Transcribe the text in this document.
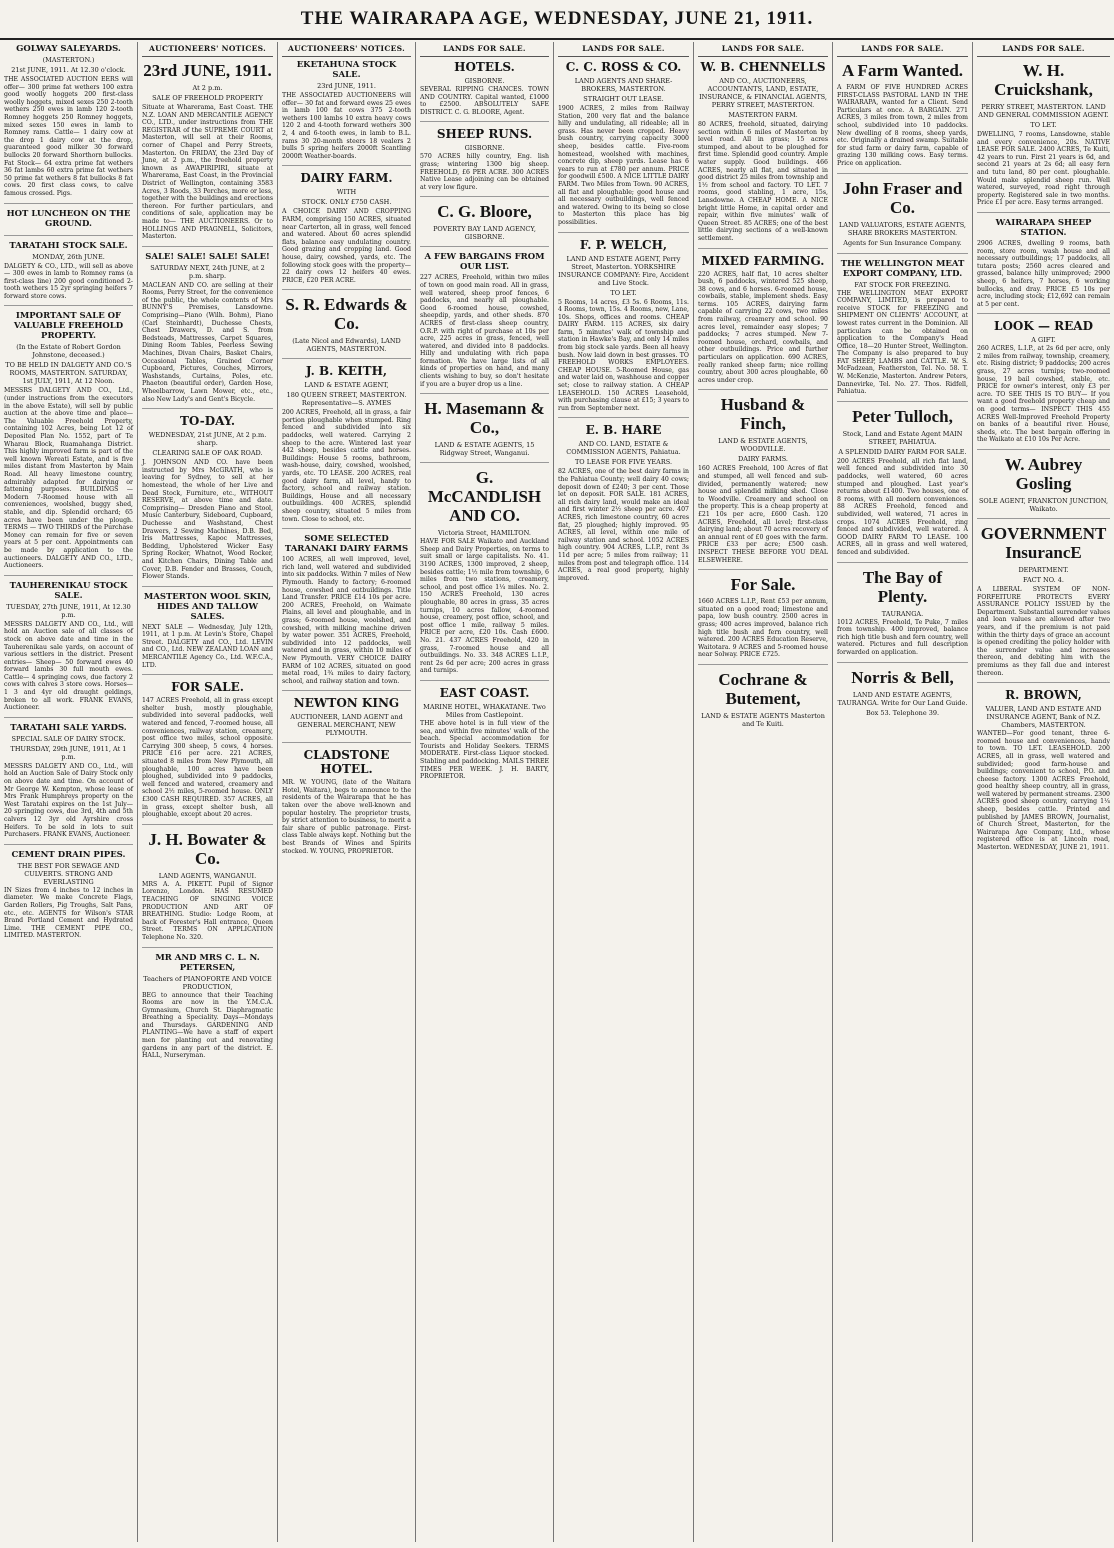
THE WAIRARAPA AGE, WEDNESDAY, JUNE 21, 1911.
GOLWAY SALEYARDS.
(MASTERTON.)
21st JUNE, 1911. At 12.30 o'clock.
THE ASSOCIATED AUCTION EERS will offer— 300 prime fat wethers 100 extra good woolly hoggets 200 first-class woolly hoggets, mixed sexes 250 2-tooth wethers 250 ewes in lamb 120 2-tooth Romney hoggets 250 Romney hoggets, mixed sexes 150 ewes in lamb to Romney rams. Cattle— 1 dairy cow at the drop 1 dairy cow at the drop, guaranteed good milker 30 forward bullocks 20 forward Shorthorn bullocks. Fat Stock— 64 extra prime fat wethers 36 fat lambs 60 extra prime fat wethers 50 prime fat wethers 8 fat bullocks 8 fat cows. 20 first class cows, to calve famous crossed. Pigs.
HOT LUNCHEON ON THE GROUND.
TARATAHI STOCK SALE.
MONDAY, 26th JUNE.
DALGETY & CO., LTD., will sell as above— 300 ewes in lamb to Romney rams (a first-class line) 200 good conditioned 2-tooth wethers 15 2yr springing heifers 7 forward store cows.
IMPORTANT SALE OF VALUABLE FREEHOLD PROPERTY.
(In the Estate of Robert Gordon Johnstone, deceased.)
TO BE HELD IN DALGETY AND CO.'S ROOMS, MASTERTON. SATURDAY, 1st JULY, 1911, At 12 Noon.
MESSRS DALGETY AND CO., Ltd., (under instructions from the executors in the above Estate), will sell by public auction at the above time and place— The Valuable Freehold Property, containing 102 Acres, being Lot 12 of Deposited Plan No. 1552, part of Te Wharau Block, Ruamahanga District. This highly improved farm is part of the well known Wereati Estate, and is five miles distant from Masterton by Main Road. All heavy limestone country, admirably adapted for dairying or fattening purposes. BUILDINGS — Modern 7-Roomed house with all conveniences, woolshed, buggy shed, stable, and dip. Splendid orchard; 65 acres have been under the plough. TERMS — TWO THIRDS of the Purchase Money can remain for five or seven years at 5 per cent. Appointments can be made by application to the auctioneers. DALGETY AND CO., LTD., Auctioneers.
TAUHERENIKAU STOCK SALE.
TUESDAY, 27th JUNE, 1911, At 12.30 p.m.
MESSRS DALGETY AND CO., Ltd., will hold an Auction sale of all classes of stock on above date and time in the Tauherenikau sale yards, on account of various settlers in the district. Present entries— Sheep— 50 forward ewes 40 forward lambs 30 full mouth ewes. Cattle— 4 springing cows, due factory 2 cows with calves 3 store cows. Horses— 1 3 and 4yr old draught geldings, broken to all work. FRANK EVANS, Auctioneer.
TARATAHI SALE YARDS.
SPECIAL SALE OF DAIRY STOCK.
THURSDAY, 29th JUNE, 1911, At 1 p.m.
MESSRS DALGETY AND CO., Ltd., will hold an Auction Sale of Dairy Stock only on above date and time. On account of Mr George W. Kempton, whose lease of Mrs Frank Humphreys property on the West Taratahi expires on the 1st July— 20 springing cows, due 3rd, 4th and 5th calvers 12 3yr old Ayrshire cross Heifers. To be sold in lots to suit Purchasers. FRANK EVANS, Auctioneer.
CEMENT DRAIN PIPES.
THE BEST FOR SEWAGE AND CULVERTS. STRONG AND EVERLASTING
IN Sizes from 4 inches to 12 inches in diameter. We make Concrete Flags, Garden Rollers, Pig Troughs, Salt Pans, etc., etc. AGENTS for Wilson's STAR Brand Portland Cement and Hydrated Lime. THE CEMENT PIPE CO., LIMITED. MASTERTON.
AUCTIONEERS' NOTICES.
23rd JUNE, 1911.
At 2 p.m.
SALE OF FREEHOLD PROPERTY
Situate at Wharerama, East Coast. THE N.Z. LOAN AND MERCANTILE AGENCY CO., LTD., under instructions from THE REGISTRAR of the SUPREME COURT at Masterton, will sell at their Rooms, corner of Chapel and Perry Streets, Masterton. On FRIDAY, the 23rd Day of June, at 2 p.m., the freehold property known as AWAPIRIPIRI, situate at Wharerama, East Coast, in the Provincial District of Wellington, containing 3583 Acres, 3 Roods, 33 Perches, more or less, together with the buildings and erections thereon. For further particulars, and conditions of sale, application may be made to— THE AUCTIONEERS. Or to HOLLINGS AND PRAGNELL, Solicitors, Masterton.
SALE! SALE! SALE! SALE!
SATURDAY NEXT, 24th JUNE, at 2 p.m. sharp.
MACLEAN AND CO. are selling at their Rooms, Perry Street, for the convenience of the public, the whole contents of Mrs BUNNY'S Premises, Lansdowne. Comprising—Piano (Wilh. Bohm), Piano (Carl Steinhardt), Duchesse Chests, Chest Drawers, D. and S. from Bedsteads, Mattresses, Carpet Squares, Dining Room Tables, Peerless Sewing Machines, Divan Chairs, Basket Chairs, Occasional Tables, Grained Corner Cupboard, Pictures, Couches, Mirrors, Washstands, Curtains, Poles, etc. Phaeton (beautiful order), Garden Hose, Wheelbarrow, Lawn Mower, etc., etc., also New Lady's and Gent's Bicycle.
TO-DAY.
WEDNESDAY, 21st JUNE, At 2 p.m. sharp.
CLEARING SALE OF OAK ROAD.
J. JOHNSON AND CO. have been instructed by Mrs McGRATH, who is leaving for Sydney, to sell at her homestead, the whole of her Live and Dead Stock, Furniture, etc., WITHOUT RESERVE, at above time and date. Comprising— Dresden Piano and Stool, Music Canterbury, Sideboard, Cupboard, Duchesse and Washstand, Chest Drawers, 2 Sewing Machines, D.B. Bed, Iris Mattresses, Kapoc Mattresses, Bedding, Upholstered Wicker Easy Spring Rocker, Whatnot, Wood Rocker, and Kitchen Chairs, Dining Table and Cover, D.B. Fender and Brasses, Couch, Flower Stands.
MASTERTON WOOL SKIN, HIDES AND TALLOW SALES.
NEXT SALE — Wednesday, July 12th, 1911, at 1 p.m. At Levin's Store, Chapel Street. DALGETY and CO., Ltd. LEVIN and CO., Ltd. NEW ZEALAND LOAN and MERCANTILE Agency Co., Ltd. W.F.C.A., LTD.
FOR SALE.
147 ACRES Freehold, all in grass except shelter bush, mostly ploughable, subdivided into several paddocks, well watered and fenced, 7-roomed house, all conveniences, railway station, creamery, post office two miles, school opposite. Carrying 300 sheep, 5 cows, 4 horses. PRICE £16 per acre. 221 ACRES, situated 8 miles from New Plymouth, all ploughable, 100 acres have been ploughed, subdivided into 9 paddocks, well fenced and watered, creamery and school 2½ miles, 5-roomed house. ONLY £300 CASH REQUIRED. 357 ACRES, all in grass, except shelter bush, all ploughable, except about 20 acres.
J. H. Bowater & Co.
LAND AGENTS, WANGANUI.
MRS A. A. PIKETT. Pupil of Signor Lorenzo, London. HAS RESUMED TEACHING OF SINGING VOICE PRODUCTION AND ART OF BREATHING. Studio: Lodge Room, at back of Forester's Hall entrance, Queen Street. TERMS ON APPLICATION Telephone No. 320.
MR AND MRS C. L. N. PETERSEN,
Teachers of PIANOFORTE AND VOICE PRODUCTION,
BEG to announce that their Teaching Rooms are now in the Y.M.C.A. Gymnasium, Church St. Diaphragmatic Breathing a Speciality. Days—Mondays and Thursdays. GARDENING AND PLANTING—We have a staff of expert men for planting out and renovating gardens in any part of the district. E. HALL, Nurseryman.
AUCTIONEERS' NOTICES.
EKETAHUNA STOCK SALE.
23rd JUNE, 1911.
THE ASSOCIATED AUCTIONEERS will offer— 30 fat and forward ewes 25 ewes in lamb 100 fat cows 375 2-tooth wethers 100 lambs 10 extra heavy cows 120 2 and 4-tooth forward wethers 300 2, 4 and 6-tooth ewes, in lamb to B.L. rams 30 20-month steers 18 vealers 2 bulls 5 spring heifers 2000ft Scantling 2000ft Weather-boards.
DAIRY FARM.
WITH
STOCK. ONLY £750 CASH.
A CHOICE DAIRY AND CROPPING FARM, comprising 150 ACRES, situated near Carterton, all in grass, well fenced and watered. About 60 acres splendid flats, balance easy undulating country. Good grazing and cropping land. Good house, dairy, cowshed, yards, etc. The following stock goes with the property— 22 dairy cows 12 heifers 40 ewes. PRICE, £20 PER ACRE.
S. R. Edwards & Co.
(Late Nicol and Edwards), LAND AGENTS, MASTERTON.
J. B. KEITH,
LAND & ESTATE AGENT,
180 QUEEN STREET, MASTERTON. Representative—S. AYMES
200 ACRES, Freehold, all in grass, a fair portion ploughable when stumped. Ring fenced and subdivided into six paddocks, well watered. Carrying 2 sheep to the acre. Wintered last year 442 sheep, besides cattle and horses. Buildings: House 5 rooms, bathroom, wash-house, dairy, cowshed, woolshed, yards, etc. TO LEASE. 200 ACRES, real good dairy farm, all level, handy to factory, school and railway station. Buildings, House and all necessary outbuildings. 400 ACRES, splendid sheep country, situated 5 miles from town. Close to school, etc.
SOME SELECTED TARANAKI DAIRY FARMS
100 ACRES, all well improved, level, rich land, well watered and subdivided into six paddocks. Within 7 miles of New Plymouth. Handy to factory; 6-roomed house, cowshed and outbuildings. Title Land Transfer. PRICE £14 10s per acre. 200 ACRES, Freehold, on Waimate Plains, all level and ploughable, and in grass; 6-roomed house, woolshed, and cowshed, with milking machine driven by water power. 351 ACRES, Freehold, subdivided into 12 paddocks, well watered and in grass, within 10 miles of New Plymouth. VERY CHOICE DAIRY FARM of 102 ACRES, situated on good metal road, 1¾ miles to dairy factory, school, and railway station and town.
NEWTON KING
AUCTIONEER, LAND AGENT and GENERAL MERCHANT, NEW PLYMOUTH.
CLADSTONE HOTEL.
MR. W. YOUNG, (late of the Waitara Hotel, Waitara), begs to announce to the residents of the Wairarapa that he has taken over the above well-known and popular hostelry. The proprietor trusts, by strict attention to business, to merit a fair share of public patronage. First-class Table always kept. Nothing but the best Brands of Wines and Spirits stocked. W. YOUNG, PROPRIETOR.
LANDS FOR SALE.
HOTELS.
GISBORNE.
SEVERAL RIPPING CHANCES. TOWN AND COUNTRY. Capital wanted, £1000 to £2500. ABSOLUTELY SAFE DISTRICT. C. G. BLOORE, Agent.
SHEEP RUNS.
GISBORNE.
570 ACRES hilly country, Eng. lish grass; wintering 1300 big sheep. FREEHOLD, £6 PER ACRE. 300 ACRES Native Lease adjoining can be obtained at very low figure.
C. G. Bloore,
POVERTY BAY LAND AGENCY, GISBORNE.
A FEW BARGAINS FROM OUR LIST.
227 ACRES, Freehold, within two miles of town on good main road. All in grass, well watered, sheep proof fences, 6 paddocks, and nearly all ploughable. Good 6-roomed house, cowshed, sheepdip, yards, and other sheds. 870 ACRES of first-class sheep country, O.R.P. with right of purchase at 10s per acre, 225 acres in grass, fenced, well watered, and divided into 8 paddocks. Hilly and undulating with rich papa formation. We have large lists of all kinds of properties on hand, and many clients wishing to buy, so don't hesitate if you are a buyer drop us a line.
H. Masemann & Co.,
LAND & ESTATE AGENTS, 15 Ridgway Street, Wanganui.
G. McCANDLISH AND CO.
Victoria Street, HAMILTON.
HAVE FOR SALE Waikato and Auckland Sheep and Dairy Properties, on terms to suit small or large capitalists. No. 41. 3190 ACRES, 1300 improved, 2 sheep, besides cattle; 1½ mile from township, 6 miles from two stations, creamery, school, and post office 1¼ miles. No. 2. 150 ACRES Freehold, 130 acres ploughable, 80 acres in grass, 35 acres turnips, 10 acres fallow, 4-roomed house, creamery, post office, school, and post office 1 mile, railway 5 miles. PRICE per acre, £20 10s. Cash £600. No. 21. 437 ACRES Freehold, 420 in grass, 7-roomed house and all outbuildings. No. 33. 348 ACRES L.I.P., rent 2s 6d per acre; 200 acres in grass and turnips.
EAST COAST.
MARINE HOTEL, WHAKATANE. Two Miles from Castlepoint.
THE above hotel is in full view of the sea, and within five minutes' walk of the beach. Special accommodation for Tourists and Holiday Seekers. TERMS MODERATE. First-class Liquor stocked. Stabling and paddocking. MAILS THREE TIMES PER WEEK. J. H. BARTY, PROPRIETOR.
LANDS FOR SALE.
C. C. ROSS & CO.
LAND AGENTS AND SHARE-BROKERS, MASTERTON.
STRAIGHT OUT LEASE.
1900 ACRES, 2 miles from Railway Station, 200 very flat and the balance hilly and undulating, all rideable; all in grass. Has never been cropped. Heavy bush country, carrying capacity 3000 sheep, besides cattle. Five-room homestead, woolshed with machines, concrete dip, sheep yards. Lease has 6 years to run at £780 per annum. PRICE for goodwill £500. A NICE LITTLE DAIRY FARM. Two Miles from Town. 90 ACRES, all flat and ploughable; good house and all necessary outbuildings, well fenced and watered. Owing to its being so close to Masterton this place has big possibilities.
F. P. WELCH,
LAND AND ESTATE AGENT, Perry Street, Masterton. YORKSHIRE INSURANCE COMPANY: Fire, Accident and Live Stock.
TO LET.
5 Rooms, 14 acres, £3 5s. 6 Rooms, 11s. 4 Rooms, town, 15s. 4 Rooms, new, Lane, 10s. Shops, offices and rooms. CHEAP DAIRY FARM. 115 ACRES, six dairy farm, 5 minutes' walk of township and station in Hawke's Bay, and only 14 miles from big stock sale yards. Been all heavy bush. Now laid down in best grasses. TO FREEHOLD WORKS EMPLOYEES. CHEAP HOUSE. 5-Roomed House, gas and water laid on, washhouse and copper set; close to railway station. A CHEAP LEASEHOLD. 150 ACRES Leasehold, with purchasing clause at £15; 3 years to run from September next.
E. B. HARE
AND CO. LAND, ESTATE & COMMISSION AGENTS, Pahiatua.
TO LEASE FOR FIVE YEARS.
82 ACRES, one of the best dairy farms in the Pahiatua County; well dairy 40 cows; deposit down of £240; 3 per cent. Those let on deposit. FOR SALE. 181 ACRES, all rich dairy land, would make an ideal and first winter 2½ sheep per acre. 407 ACRES, rich limestone country, 60 acres flat, 25 ploughed; highly improved. 95 ACRES, all level, within one mile of railway station and school. 1052 ACRES high country. 904 ACRES, L.I.P., rent 3s 11d per acre; 5 miles from railway; 11 miles from post and telegraph office. 114 ACRES, a real good property, highly improved.
LANDS FOR SALE.
W. B. CHENNELLS
AND CO., AUCTIONEERS, ACCOUNTANTS, LAND, ESTATE, INSURANCE, & FINANCIAL AGENTS, PERRY STREET, MASTERTON.
MASTERTON FARM.
80 ACRES, freehold, situated, dairying section within 6 miles of Masterton by level road. All in grass; 15 acres stumped, and about to be ploughed for first time. Splendid good country. Ample water supply. Good buildings. 466 ACRES, nearly all flat, and situated in good district 25 miles from township and 1½ from school and factory. TO LET. 7 rooms, good stabling, 1 acre, 15s, Lansdowne. A CHEAP HOME. A NICE bright little Home, in capital order and repair, within five minutes' walk of Queen Street. 85 ACRES; one of the best little dairying sections of a well-known settlement.
MIXED FARMING.
220 ACRES, half flat, 10 acres shelter bush, 6 paddocks, wintered 525 sheep, 38 cows, and 6 horses. 6-roomed house, cowbails, stable, implement sheds. Easy terms. 105 ACRES, dairying farm capable of carrying 22 cows, two miles from railway, creamery and school. 90 acres level, remainder easy slopes; 7 paddocks; 7 acres stumped. New 7-roomed house, orchard, cowbails, and other outbuildings. Price and further particulars on application. 690 ACRES, really ranked sheep farm; nice rolling country, about 300 acres ploughable, 60 acres under crop.
Husband & Finch,
LAND & ESTATE AGENTS, WOODVILLE.
DAIRY FARMS.
160 ACRES Freehold, 100 Acres of flat and stumped, all well fenced and sub-divided, permanently watered; new house and splendid milking shed. Close to Woodville. Creamery and school on the property. This is a cheap property at £21 10s per acre, £600 Cash. 120 ACRES, Freehold, all level; first-class dairying land; about 70 acres recovery of an annual rent of £0 goes with the farm. PRICE £33 per acre; £500 cash. INSPECT THESE BEFORE YOU DEAL ELSEWHERE.
For Sale.
1660 ACRES L.I.P., Rent £53 per annum, situated on a good road; limestone and papa, low bush country. 2500 acres in grass; 400 acres improved, balance rich high title bush and fern country, well watered. 200 ACRES Education Reserve, Waitotara. 9 ACRES and 5-roomed house near Solway. PRICE £725.
Cochrane & Butement,
LAND & ESTATE AGENTS Masterton and Te Kuiti.
LANDS FOR SALE.
A Farm Wanted.
A FARM OF FIVE HUNDRED ACRES FIRST-CLASS PASTORAL LAND IN THE WAIRARAPA, wanted for a Client. Send Particulars at once. A BARGAIN. 271 ACRES, 3 miles from town, 2 miles from school, subdivided into 10 paddocks. New dwelling of 8 rooms, sheep yards, etc. Originally a drained swamp. Suitable for stud farm or dairy farm, capable of grazing 130 milking cows. Easy terms. Price on application.
John Fraser and Co.
LAND VALUATORS, ESTATE AGENTS, SHARE BROKERS MASTERTON.
Agents for Sun Insurance Company.
THE WELLINGTON MEAT EXPORT COMPANY, LTD.
FAT STOCK FOR FREEZING.
THE WELLINGTON MEAT EXPORT COMPANY, LIMITED, is prepared to receive STOCK for FREEZING and SHIPMENT ON CLIENTS' ACCOUNT, at lowest rates current in the Dominion. All particulars can be obtained on application to the Company's Head Office, 18—20 Hunter Street, Wellington. The Company is also prepared to buy FAT SHEEP, LAMBS and CATTLE. W. S. McFadzean, Featherston, Tel. No. 58. T. W. McKenzie, Masterton. Andrew Peters, Dannevirke, Tel. No. 27. Thos. Ridfell, Pahiatua.
Peter Tulloch,
Stock, Land and Estate Agent MAIN STREET, PAHIATUA.
A SPLENDID DAIRY FARM FOR SALE.
200 ACRES Freehold, all rich flat land, well fenced and subdivided into 30 paddocks, well watered, 60 acres stumped and ploughed. Last year's returns about £1400. Two houses, one of 8 rooms, with all modern conveniences. 88 ACRES Freehold, fenced and subdivided, well watered, 71 acres in crops. 1074 ACRES Freehold, ring fenced and subdivided, well watered. A GOOD DAIRY FARM TO LEASE. 100 ACRES, all in grass and well watered, fenced and subdivided.
The Bay of Plenty.
TAURANGA.
1012 ACRES, Freehold, Te Puke, 7 miles from township. 400 improved, balance rich high title bush and fern country, well watered. Pictures and full description forwarded on application.
Norris & Bell,
LAND AND ESTATE AGENTS, TAURANGA. Write for Our Land Guide.
Box 53. Telephone 39.
LANDS FOR SALE.
W. H. Cruickshank,
PERRY STREET, MASTERTON. LAND AND GENERAL COMMISSION AGENT.
TO LET.
DWELLING, 7 rooms, Lansdowne, stable and every convenience, 20s. NATIVE LEASE FOR SALE. 2400 ACRES, Te Kuiti, 42 years to run. First 21 years is 6d, and second 21 years at 2s 6d; all easy fern and tutu land, 80 per cent. ploughable. Would make splendid sheep run. Well watered, surveyed, road right through property. Registered sale in two months. Price £1 per acre. Easy terms arranged.
WAIRARAPA SHEEP STATION.
2906 ACRES, dwelling 9 rooms, bath room, store room, wash house and all necessary outbuildings; 17 paddocks, all tutara posts; 2560 acres cleared and grassed, balance hilly unimproved; 2900 sheep, 6 heifers, 7 horses, 6 working bullocks, and dray. PRICE £5 10s per acre, including stock; £12,692 can remain at 5 per cent.
LOOK — READ
A GIFT.
260 ACRES, L.I.P., at 2s 6d per acre, only 2 miles from railway, township, creamery, etc. Rising district; 9 paddocks; 200 acres grass, 27 acres turnips; two-roomed house, 19 bail cowshed, stable, etc. PRICE for owner's interest, only £3 per acre. TO SEE THIS IS TO BUY— If you want a good freehold property cheap and on good terms— INSPECT THIS 455 ACRES Well-Improved Freehold Property on banks of a beautiful river. House, sheds, etc. The best bargain offering in the Waikato at £10 10s Per Acre.
W. Aubrey Gosling
SOLE AGENT, FRANKTON JUNCTION, Waikato.
GOVERNMENT InsurancE
DEPARTMENT.
FACT NO. 4.
A LIBERAL SYSTEM OF NON-FORFEITURE PROTECTS EVERY ASSURANCE POLICY ISSUED by the Department. Substantial surrender values and loan values are allowed after two years, and if the premium is not paid within the thirty days of grace an account is opened crediting the policy holder with the surrender value and increases thereon, and debiting him with the premiums as they fall due and interest thereon.
R. BROWN,
VALUER, LAND AND ESTATE AND INSURANCE AGENT, Bank of N.Z. Chambers, MASTERTON.
WANTED—For good tenant, three 6-roomed house and conveniences, handy to town. TO LET. LEASEHOLD. 200 ACRES, all in grass, well watered and subdivided; good farm-house and buildings; convenient to school, P.O. and cheese factory. 1300 ACRES Freehold, good healthy sheep country, all in grass, well watered by permanent streams. 2300 ACRES good sheep country, carrying 1¼ sheep, besides cattle. Printed and published by JAMES BROWN, Journalist, of Church Street, Masterton, for the Wairarapa Age Company, Ltd., whose registered office is at Lincoln road, Masterton. WEDNESDAY, JUNE 21, 1911.
